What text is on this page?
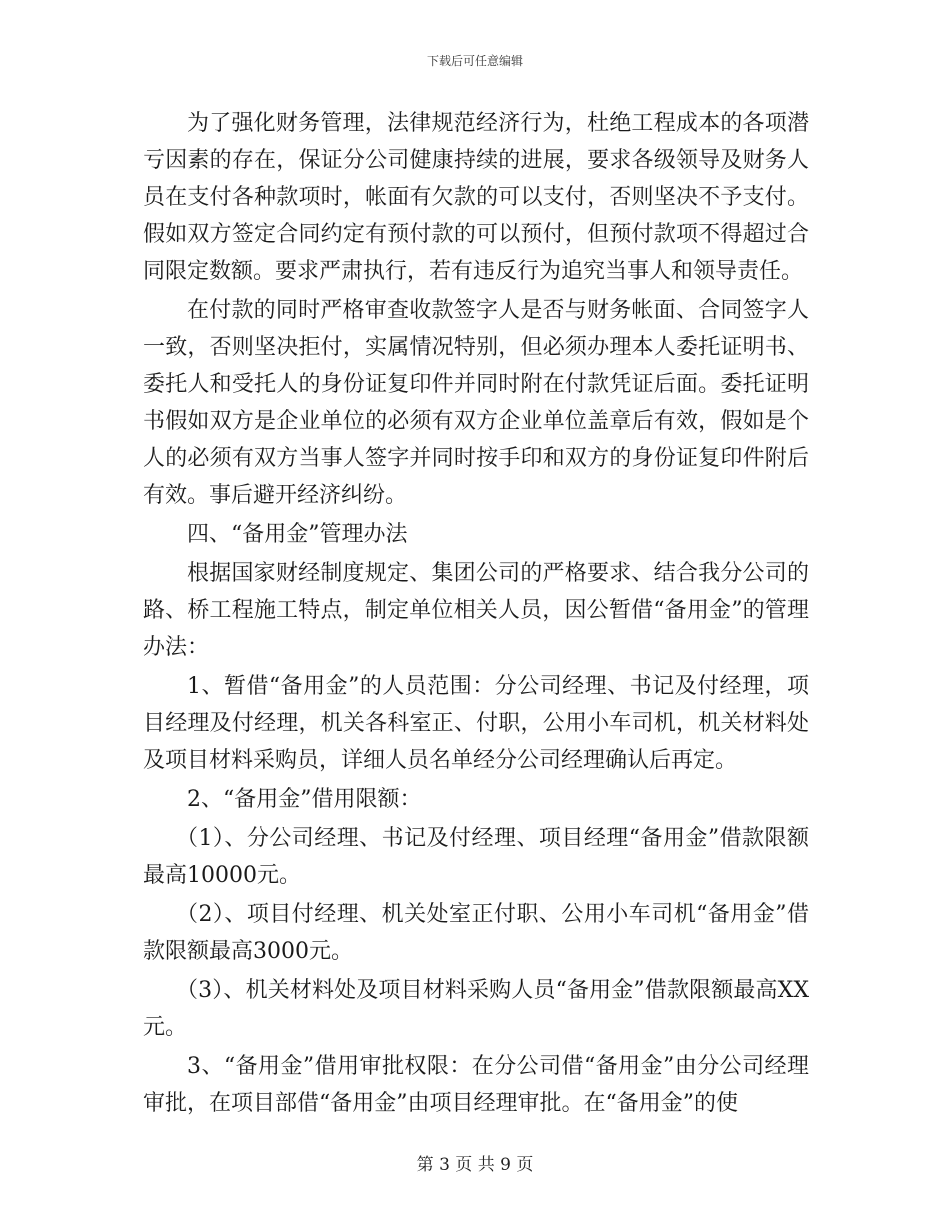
下载后可任意编辑

为了强化财务管理，法律规范经济行为，杜绝工程成本的各项潜亏因素的存在，保证分公司健康持续的进展，要求各级领导及财务人员在支付各种款项时，帐面有欠款的可以支付，否则坚决不予支付。假如双方签定合同约定有预付款的可以预付，但预付款项不得超过合同限定数额。要求严肃执行，若有违反行为追究当事人和领导责任。

在付款的同时严格审查收款签字人是否与财务帐面、合同签字人一致，否则坚决拒付，实属情况特别，但必须办理本人委托证明书、委托人和受托人的身份证复印件并同时附在付款凭证后面。委托证明书假如双方是企业单位的必须有双方企业单位盖章后有效，假如是个人的必须有双方当事人签字并同时按手印和双方的身份证复印件附后有效。事后避开经济纠纷。

四、“备用金”管理办法

根据国家财经制度规定、集团公司的严格要求、结合我分公司的路、桥工程施工特点，制定单位相关人员，因公暂借“备用金”的管理办法：

1、暂借“备用金”的人员范围：分公司经理、书记及付经理，项目经理及付经理，机关各科室正、付职，公用小车司机，机关材料处及项目材料采购员，详细人员名单经分公司经理确认后再定。

2、“备用金”借用限额：

（1）、分公司经理、书记及付经理、项目经理“备用金”借款限额最高10000元。

（2）、项目付经理、机关处室正付职、公用小车司机“备用金”借款限额最高3000元。

（3）、机关材料处及项目材料采购人员“备用金”借款限额最高XX元。

3、“备用金”借用审批权限：在分公司借“备用金”由分公司经理审批，在项目部借“备用金”由项目经理审批。在“备用金”的使

第 3 页 共 9 页
